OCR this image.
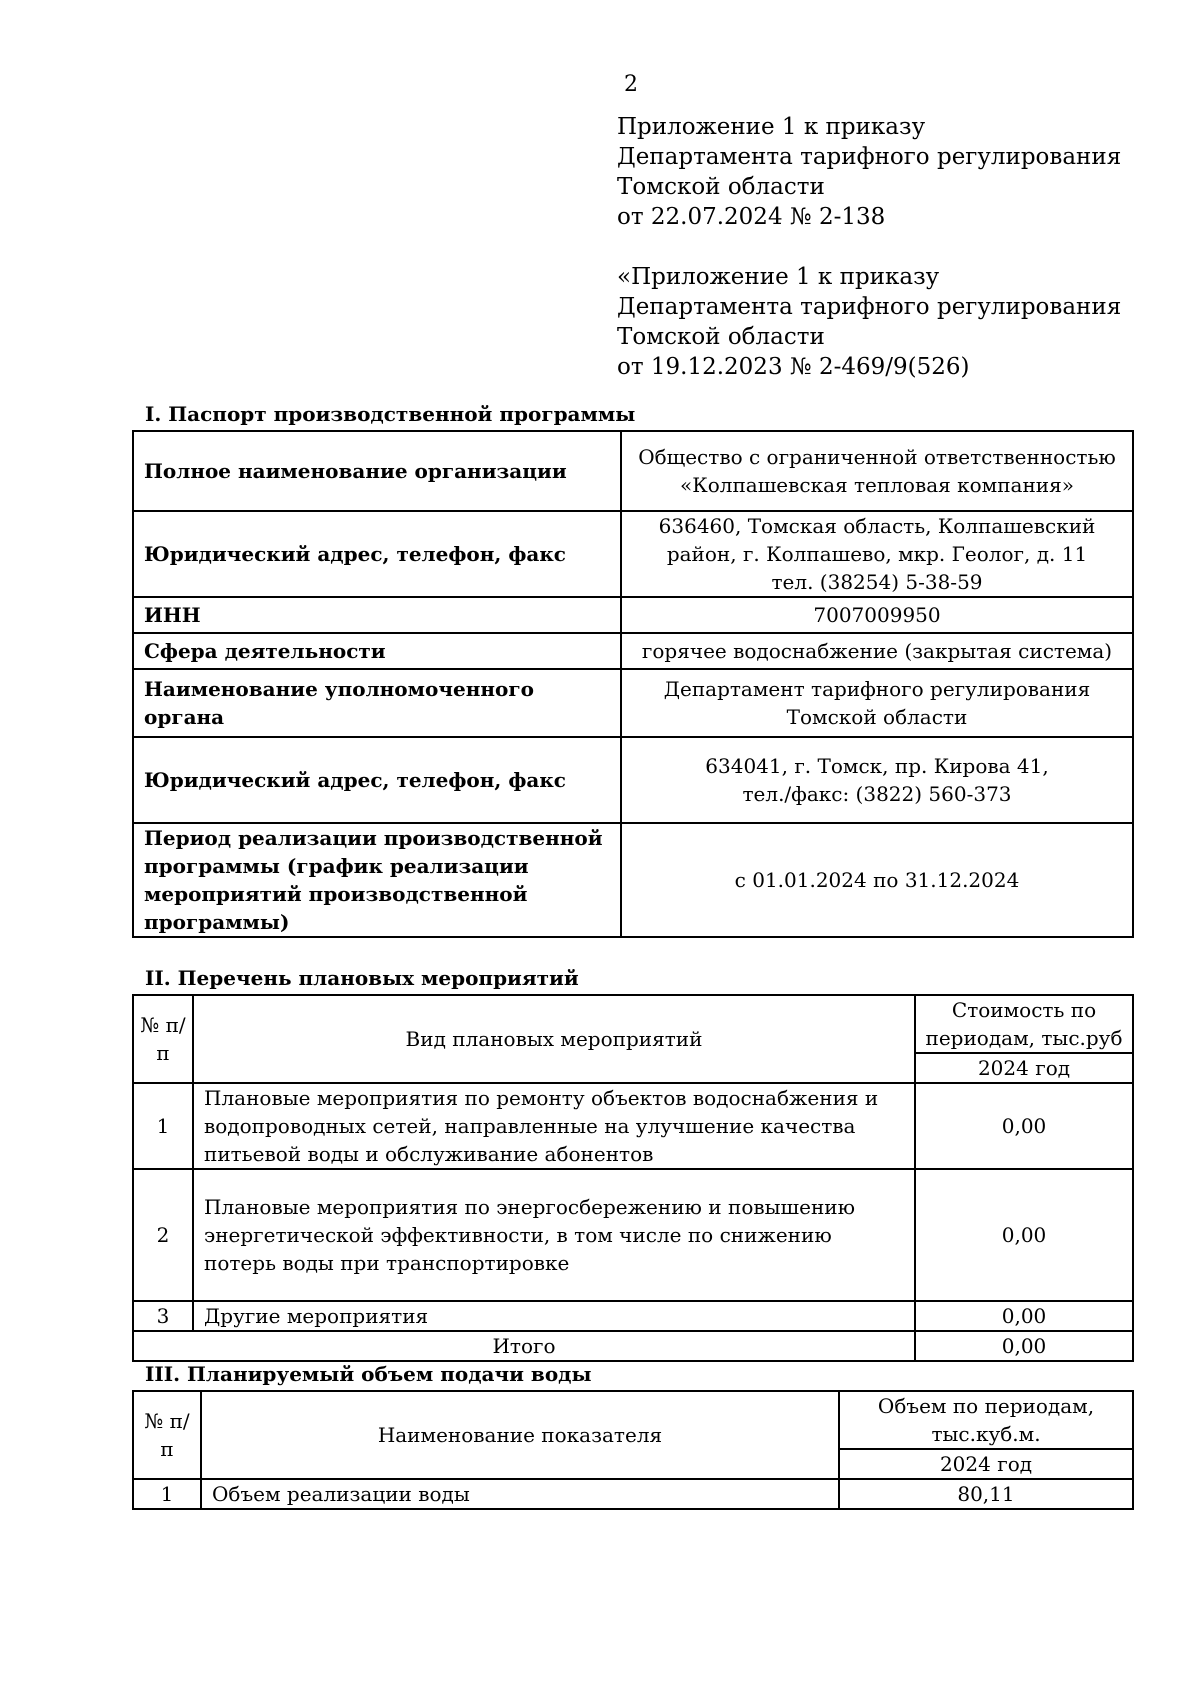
2
Приложение 1 к приказу
Департамента тарифного регулирования
Томской области
от 22.07.2024 № 2-138
«Приложение 1 к приказу
Департамента тарифного регулирования
Томской области
от 19.12.2023 № 2-469/9(526)
I. Паспорт производственной программы
Полное наименование организации	Общество с ограниченной ответственностью
«Колпашевская тепловая компания»

Юридический адрес, телефон, факс	636460, Томская область, Колпашевский
район, г. Колпашево, мкр. Геолог, д. 11
тел. (38254) 5-38-59

ИНН	7007009950

Сфера деятельности	горячее водоснабжение (закрытая система)

Наименование уполномоченного органа	Департамент тарифного регулирования
Томской области

Юридический адрес, телефон, факс	634041, г. Томск, пр. Кирова 41,
тел./факс: (3822) 560-373

Период реализации производственной программы (график реализации мероприятий производственной программы)	с 01.01.2024 по 31.12.2024
II. Перечень плановых мероприятий
№ п/п	Вид плановых мероприятий	Стоимость по периодам, тыс.руб
		2024 год
1	Плановые мероприятия по ремонту объектов водоснабжения и водопроводных сетей, направленные на улучшение качества питьевой воды и обслуживание абонентов	0,00
2	Плановые мероприятия по энергосбережению и повышению энергетической эффективности, в том числе по снижению потерь воды при транспортировке	0,00
3	Другие мероприятия	0,00
Итого		0,00
III. Планируемый объем подачи воды
№ п/п	Наименование показателя	Объем по периодам, тыс.куб.м.
		2024 год
1	Объем реализации воды	80,11
